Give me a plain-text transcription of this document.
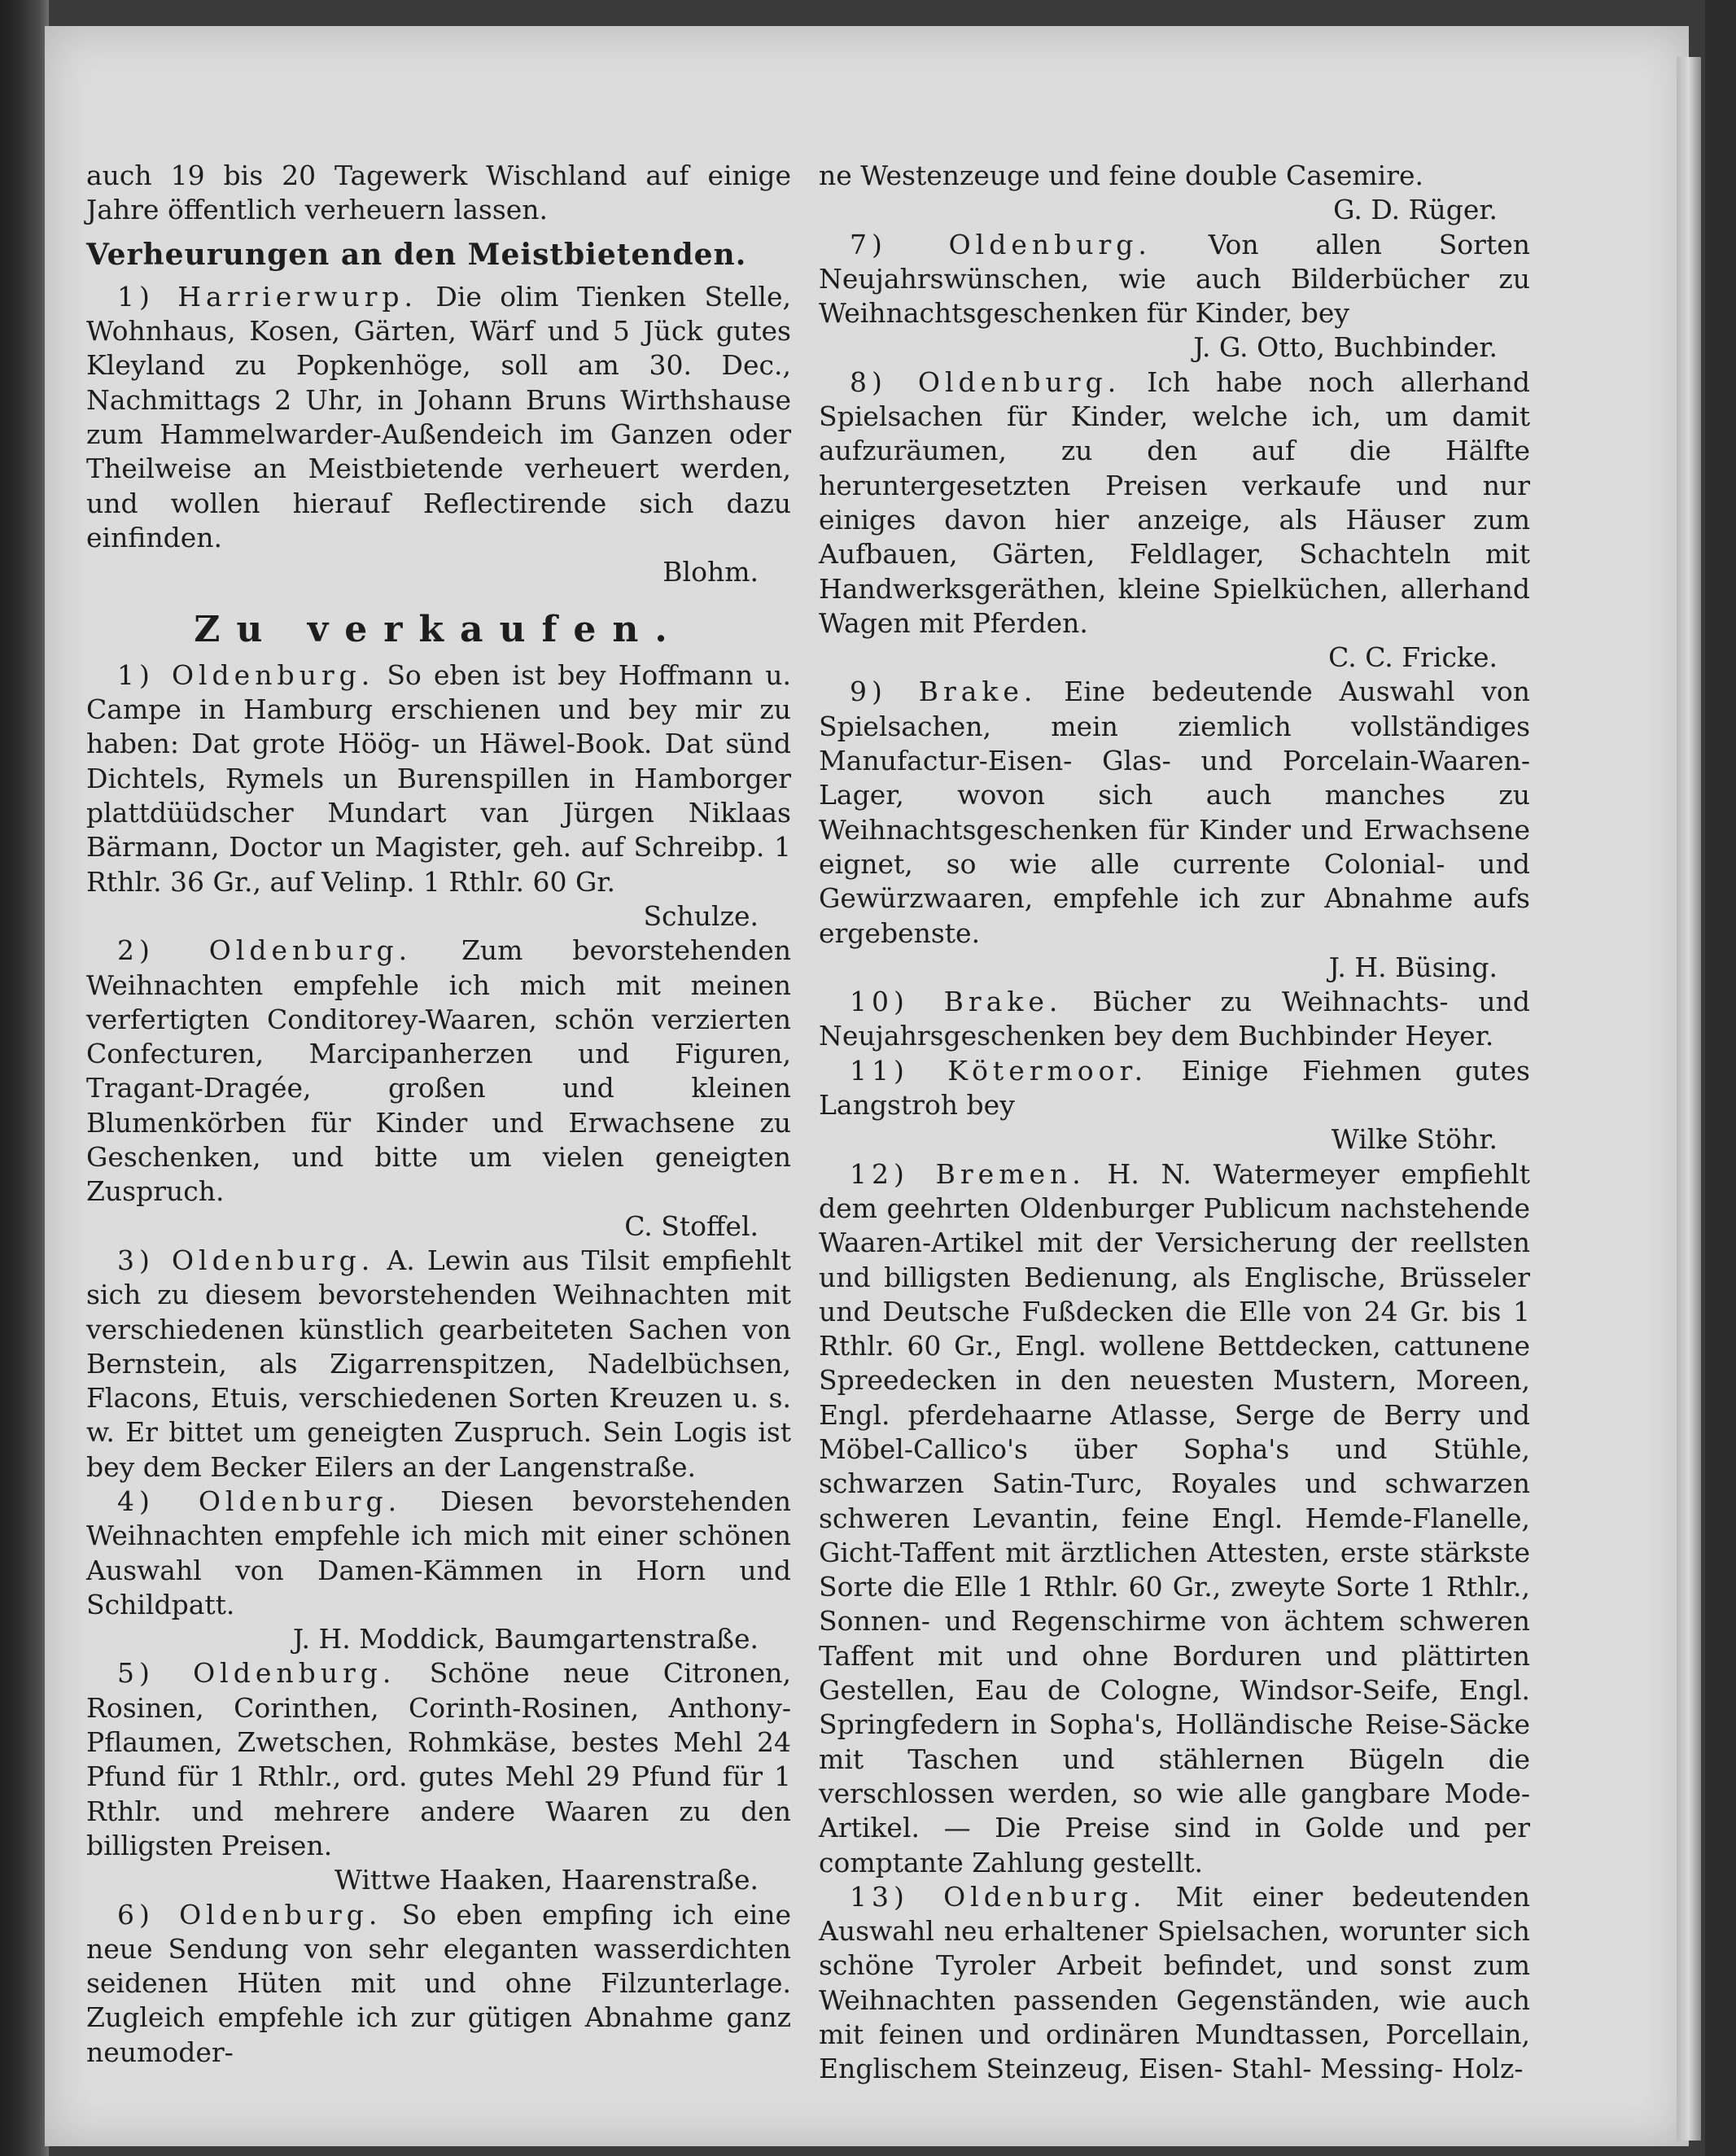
auch 19 bis 20 Tagewerk Wischland auf einige Jahre öffentlich verheuern lassen.

Verheurungen an den Meistbietenden.

1) Harrierwurp. Die olim Tienken Stelle, Wohnhaus, Kosen, Gärten, Wärf und 5 Jück gutes Kleyland zu Popkenhöge, soll am 30. Dec., Nachmittags 2 Uhr, in Johann Bruns Wirthshause zum Hammelwarder-Außendeich im Ganzen oder Theilweise an Meistbietende verheuert werden, und wollen hierauf Reflectirende sich dazu einfinden.

Blohm.
Zu verkaufen.

1) Oldenburg. So eben ist bey Hoffmann u. Campe in Hamburg erschienen und bey mir zu haben: Dat grote Höög- un Häwel-Book. Dat sünd Dichtels, Rymels un Burenspillen in Hamborger plattdüüdscher Mundart van Jürgen Niklaas Bärmann, Doctor un Magister, geh. auf Schreibp. 1 Rthlr. 36 Gr., auf Velinp. 1 Rthlr. 60 Gr.

Schulze.

2) Oldenburg. Zum bevorstehenden Weihnachten empfehle ich mich mit meinen verfertigten Conditorey-Waaren, schön verzierten Confecturen, Marcipanherzen und Figuren, Tragant-Dragée, großen und kleinen Blumenkörben für Kinder und Erwachsene zu Geschenken, und bitte um vielen geneigten Zuspruch.

C. Stoffel.

3) Oldenburg. A. Lewin aus Tilsit empfiehlt sich zu diesem bevorstehenden Weihnachten mit verschiedenen künstlich gearbeiteten Sachen von Bernstein, als Zigarrenspitzen, Nadelbüchsen, Flacons, Etuis, verschiedenen Sorten Kreuzen u. s. w. Er bittet um geneigten Zuspruch. Sein Logis ist bey dem Becker Eilers an der Langenstraße.

4) Oldenburg. Diesen bevorstehenden Weihnachten empfehle ich mich mit einer schönen Auswahl von Damen-Kämmen in Horn und Schildpatt.

J. H. Moddick, Baumgartenstraße.

5) Oldenburg. Schöne neue Citronen, Rosinen, Corinthen, Corinth-Rosinen, Anthony-Pflaumen, Zwetschen, Rohmkäse, bestes Mehl 24 Pfund für 1 Rthlr., ord. gutes Mehl 29 Pfund für 1 Rthlr. und mehrere andere Waaren zu den billigsten Preisen.

Wittwe Haaken, Haarenstraße.

6) Oldenburg. So eben empfing ich eine neue Sendung von sehr eleganten wasserdichten seidenen Hüten mit und ohne Filzunterlage. Zugleich empfehle ich zur gütigen Abnahme ganz neumoder-

ne Westenzeuge und feine double Casemire.

G. D. Rüger.

7) Oldenburg. Von allen Sorten Neujahrswünschen, wie auch Bilderbücher zu Weihnachtsgeschenken für Kinder, bey

J. G. Otto, Buchbinder.

8) Oldenburg. Ich habe noch allerhand Spielsachen für Kinder, welche ich, um damit aufzuräumen, zu den auf die Hälfte heruntergesetzten Preisen verkaufe und nur einiges davon hier anzeige, als Häuser zum Aufbauen, Gärten, Feldlager, Schachteln mit Handwerksgeräthen, kleine Spielküchen, allerhand Wagen mit Pferden.

C. C. Fricke.

9) Brake. Eine bedeutende Auswahl von Spielsachen, mein ziemlich vollständiges Manufactur-Eisen- Glas- und Porcelain-Waaren-Lager, wovon sich auch manches zu Weihnachtsgeschenken für Kinder und Erwachsene eignet, so wie alle currente Colonial- und Gewürzwaaren, empfehle ich zur Abnahme aufs ergebenste.

J. H. Büsing.

10) Brake. Bücher zu Weihnachts- und Neujahrsgeschenken bey dem Buchbinder Heyer.

11) Kötermoor. Einige Fiehmen gutes Langstroh bey

Wilke Stöhr.

12) Bremen. H. N. Watermeyer empfiehlt dem geehrten Oldenburger Publicum nachstehende Waaren-Artikel mit der Versicherung der reellsten und billigsten Bedienung, als Englische, Brüsseler und Deutsche Fußdecken die Elle von 24 Gr. bis 1 Rthlr. 60 Gr., Engl. wollene Bettdecken, cattunene Spreedecken in den neuesten Mustern, Moreen, Engl. pferdehaarne Atlasse, Serge de Berry und Möbel-Callico's über Sopha's und Stühle, schwarzen Satin-Turc, Royales und schwarzen schweren Levantin, feine Engl. Hemde-Flanelle, Gicht-Taffent mit ärztlichen Attesten, erste stärkste Sorte die Elle 1 Rthlr. 60 Gr., zweyte Sorte 1 Rthlr., Sonnen- und Regenschirme von ächtem schweren Taffent mit und ohne Borduren und plättirten Gestellen, Eau de Cologne, Windsor-Seife, Engl. Springfedern in Sopha's, Holländische Reise-Säcke mit Taschen und stählernen Bügeln die verschlossen werden, so wie alle gangbare Mode-Artikel. — Die Preise sind in Golde und per comptante Zahlung gestellt.

13) Oldenburg. Mit einer bedeutenden Auswahl neu erhaltener Spielsachen, worunter sich schöne Tyroler Arbeit befindet, und sonst zum Weihnachten passenden Gegenständen, wie auch mit feinen und ordinären Mundtassen, Porcellain, Englischem Steinzeug, Eisen- Stahl- Messing- Holz-
